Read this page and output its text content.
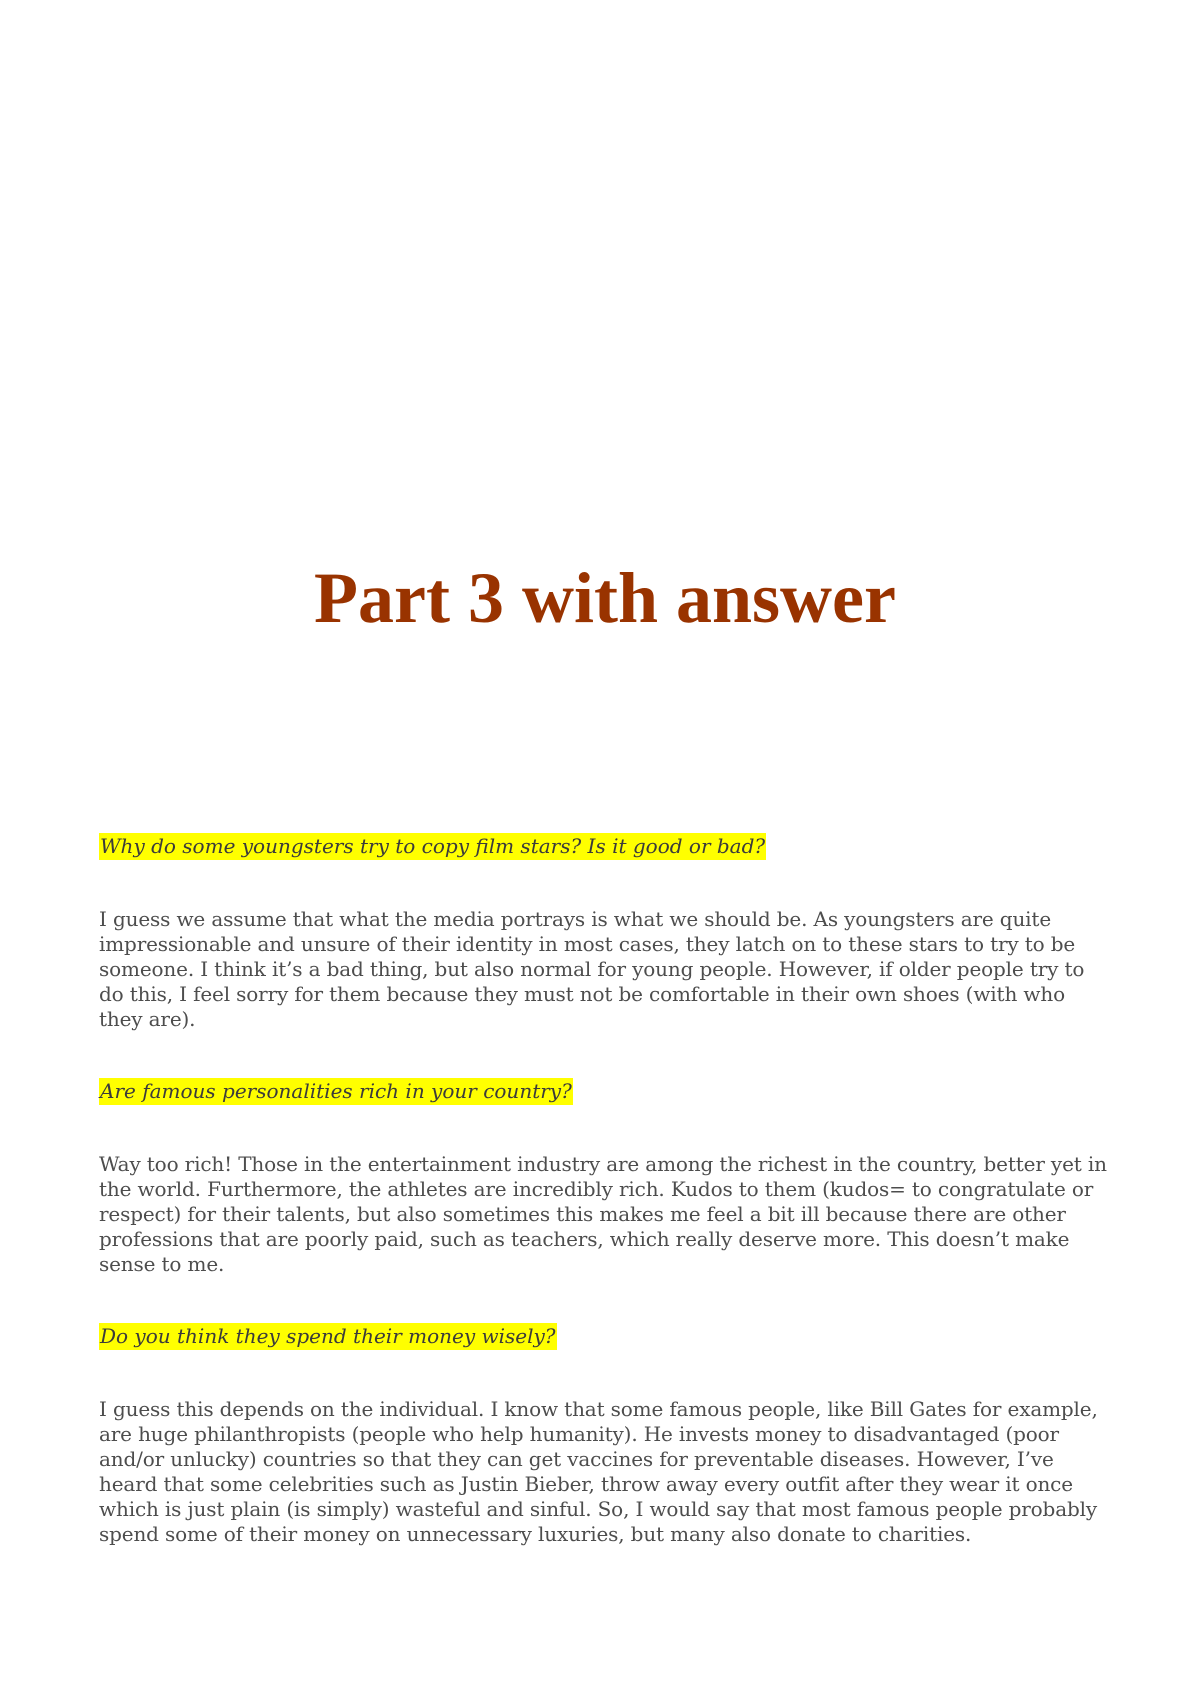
Part 3 with answer

Why do some youngsters try to copy film stars? Is it good or bad?

I guess we assume that what the media portrays is what we should be. As youngsters are quite impressionable and unsure of their identity in most cases, they latch on to these stars to try to be someone. I think it’s a bad thing, but also normal for young people. However, if older people try to do this, I feel sorry for them because they must not be comfortable in their own shoes (with who they are).

Are famous personalities rich in your country?

Way too rich! Those in the entertainment industry are among the richest in the country, better yet in the world. Furthermore, the athletes are incredibly rich. Kudos to them (kudos= to congratulate or respect) for their talents, but also sometimes this makes me feel a bit ill because there are other professions that are poorly paid, such as teachers, which really deserve more. This doesn’t make sense to me.

Do you think they spend their money wisely?

I guess this depends on the individual. I know that some famous people, like Bill Gates for example, are huge philanthropists (people who help humanity). He invests money to disadvantaged (poor and/or unlucky) countries so that they can get vaccines for preventable diseases. However, I’ve heard that some celebrities such as Justin Bieber, throw away every outfit after they wear it once which is just plain (is simply) wasteful and sinful. So, I would say that most famous people probably spend some of their money on unnecessary luxuries, but many also donate to charities.
